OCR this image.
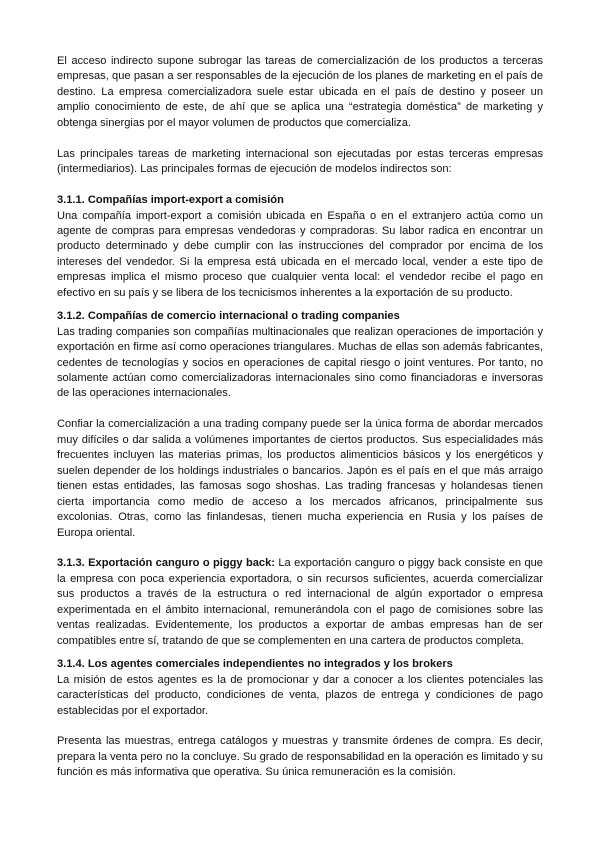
El acceso indirecto supone subrogar las tareas de comercialización de los productos a terceras empresas, que pasan a ser responsables de la ejecución de los planes de marketing en el país de destino. La empresa comercializadora suele estar ubicada en el país de destino y poseer un amplio conocimiento de este, de ahí que se aplica una “estrategia doméstica” de marketing y obtenga sinergias por el mayor volumen de productos que comercializa.

Las principales tareas de marketing internacional son ejecutadas por estas terceras empresas (intermediarios). Las principales formas de ejecución de modelos indirectos son:

3.1.1. Compañías import-export a comisión

Una compañía import-export a comisión ubicada en España o en el extranjero actúa como un agente de compras para empresas vendedoras y compradoras. Su labor radica en encontrar un producto determinado y debe cumplir con las instrucciones del comprador por encima de los intereses del vendedor. Si la empresa está ubicada en el mercado local, vender a este tipo de empresas implica el mismo proceso que cualquier venta local: el vendedor recibe el pago en efectivo en su país y se libera de los tecnicismos inherentes a la exportación de su producto.

3.1.2. Compañías de comercio internacional o trading companies

Las trading companies son compañías multinacionales que realizan operaciones de importación y exportación en firme así como operaciones triangulares. Muchas de ellas son además fabricantes, cedentes de tecnologías y socios en operaciones de capital riesgo o joint ventures. Por tanto, no solamente actúan como comercializadoras internacionales sino como financiadoras e inversoras de las operaciones internacionales.

Confiar la comercialización a una trading company puede ser la única forma de abordar mercados muy difíciles o dar salida a volúmenes importantes de ciertos productos. Sus especialidades más frecuentes incluyen las materias primas, los productos alimenticios básicos y los energéticos y suelen depender de los holdings industriales o bancarios. Japón es el país en el que más arraigo tienen estas entidades, las famosas sogo shoshas. Las trading francesas y holandesas tienen cierta importancia como medio de acceso a los mercados africanos, principalmente sus excolonias. Otras, como las finlandesas, tienen mucha experiencia en Rusia y los países de Europa oriental.

3.1.3. Exportación canguro o piggy back: La exportación canguro o piggy back consiste en que la empresa con poca experiencia exportadora, o sin recursos suficientes, acuerda comercializar sus productos a través de la estructura o red internacional de algún exportador o empresa experimentada en el ámbito internacional, remunerándola con el pago de comisiones sobre las ventas realizadas. Evidentemente, los productos a exportar de ambas empresas han de ser compatibles entre sí, tratando de que se complementen en una cartera de productos completa.

3.1.4. Los agentes comerciales independientes no integrados y los brokers

La misión de estos agentes es la de promocionar y dar a conocer a los clientes potenciales las características del producto, condiciones de venta, plazos de entrega y condiciones de pago establecidas por el exportador.

Presenta las muestras, entrega catálogos y muestras y transmite órdenes de compra. Es decir, prepara la venta pero no la concluye. Su grado de responsabilidad en la operación es limitado y su función es más informativa que operativa. Su única remuneración es la comisión.
